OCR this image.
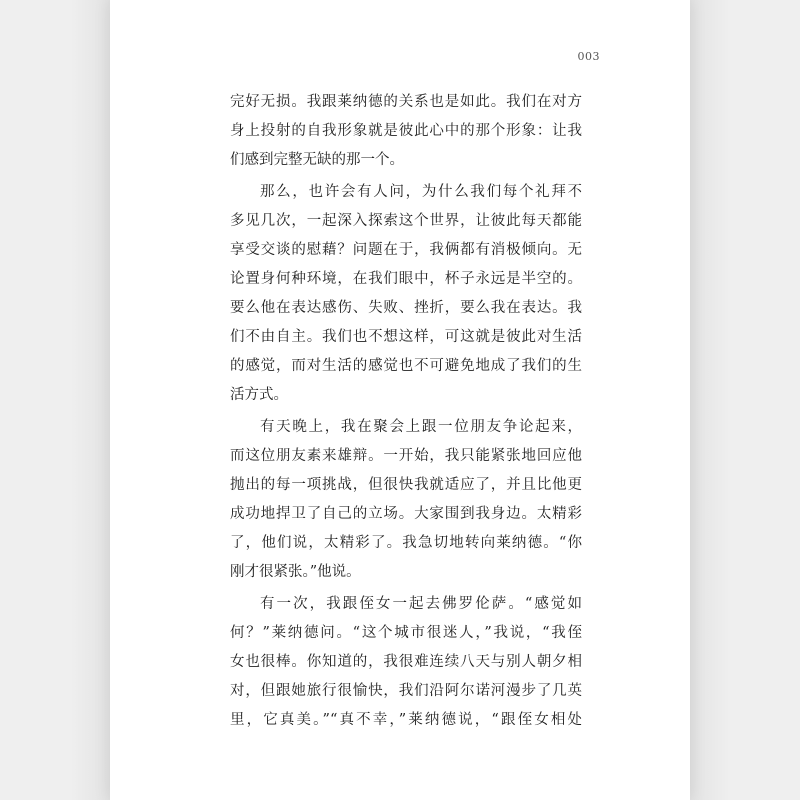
003
完好无损。我跟莱纳德的关系也是如此。我们在对方
身上投射的自我形象就是彼此心中的那个形象：让我
们感到完整无缺的那一个。
那么，也许会有人问，为什么我们每个礼拜不
多见几次，一起深入探索这个世界，让彼此每天都能
享受交谈的慰藉？问题在于，我俩都有消极倾向。无
论置身何种环境，在我们眼中，杯子永远是半空的。
要么他在表达感伤、失败、挫折，要么我在表达。我
们不由自主。我们也不想这样，可这就是彼此对生活
的感觉，而对生活的感觉也不可避免地成了我们的生
活方式。
有天晚上，我在聚会上跟一位朋友争论起来，
而这位朋友素来雄辩。一开始，我只能紧张地回应他
抛出的每一项挑战，但很快我就适应了，并且比他更
成功地捍卫了自己的立场。大家围到我身边。太精彩
了，他们说，太精彩了。我急切地转向莱纳德。“你
刚才很紧张。”他说。
有一次，我跟侄女一起去佛罗伦萨。“感觉如
何？”莱纳德问。“这个城市很迷人，”我说，“我侄
女也很棒。你知道的，我很难连续八天与别人朝夕相
对，但跟她旅行很愉快，我们沿阿尔诺河漫步了几英
里，它真美。”“真不幸，”莱纳德说，“跟侄女相处
